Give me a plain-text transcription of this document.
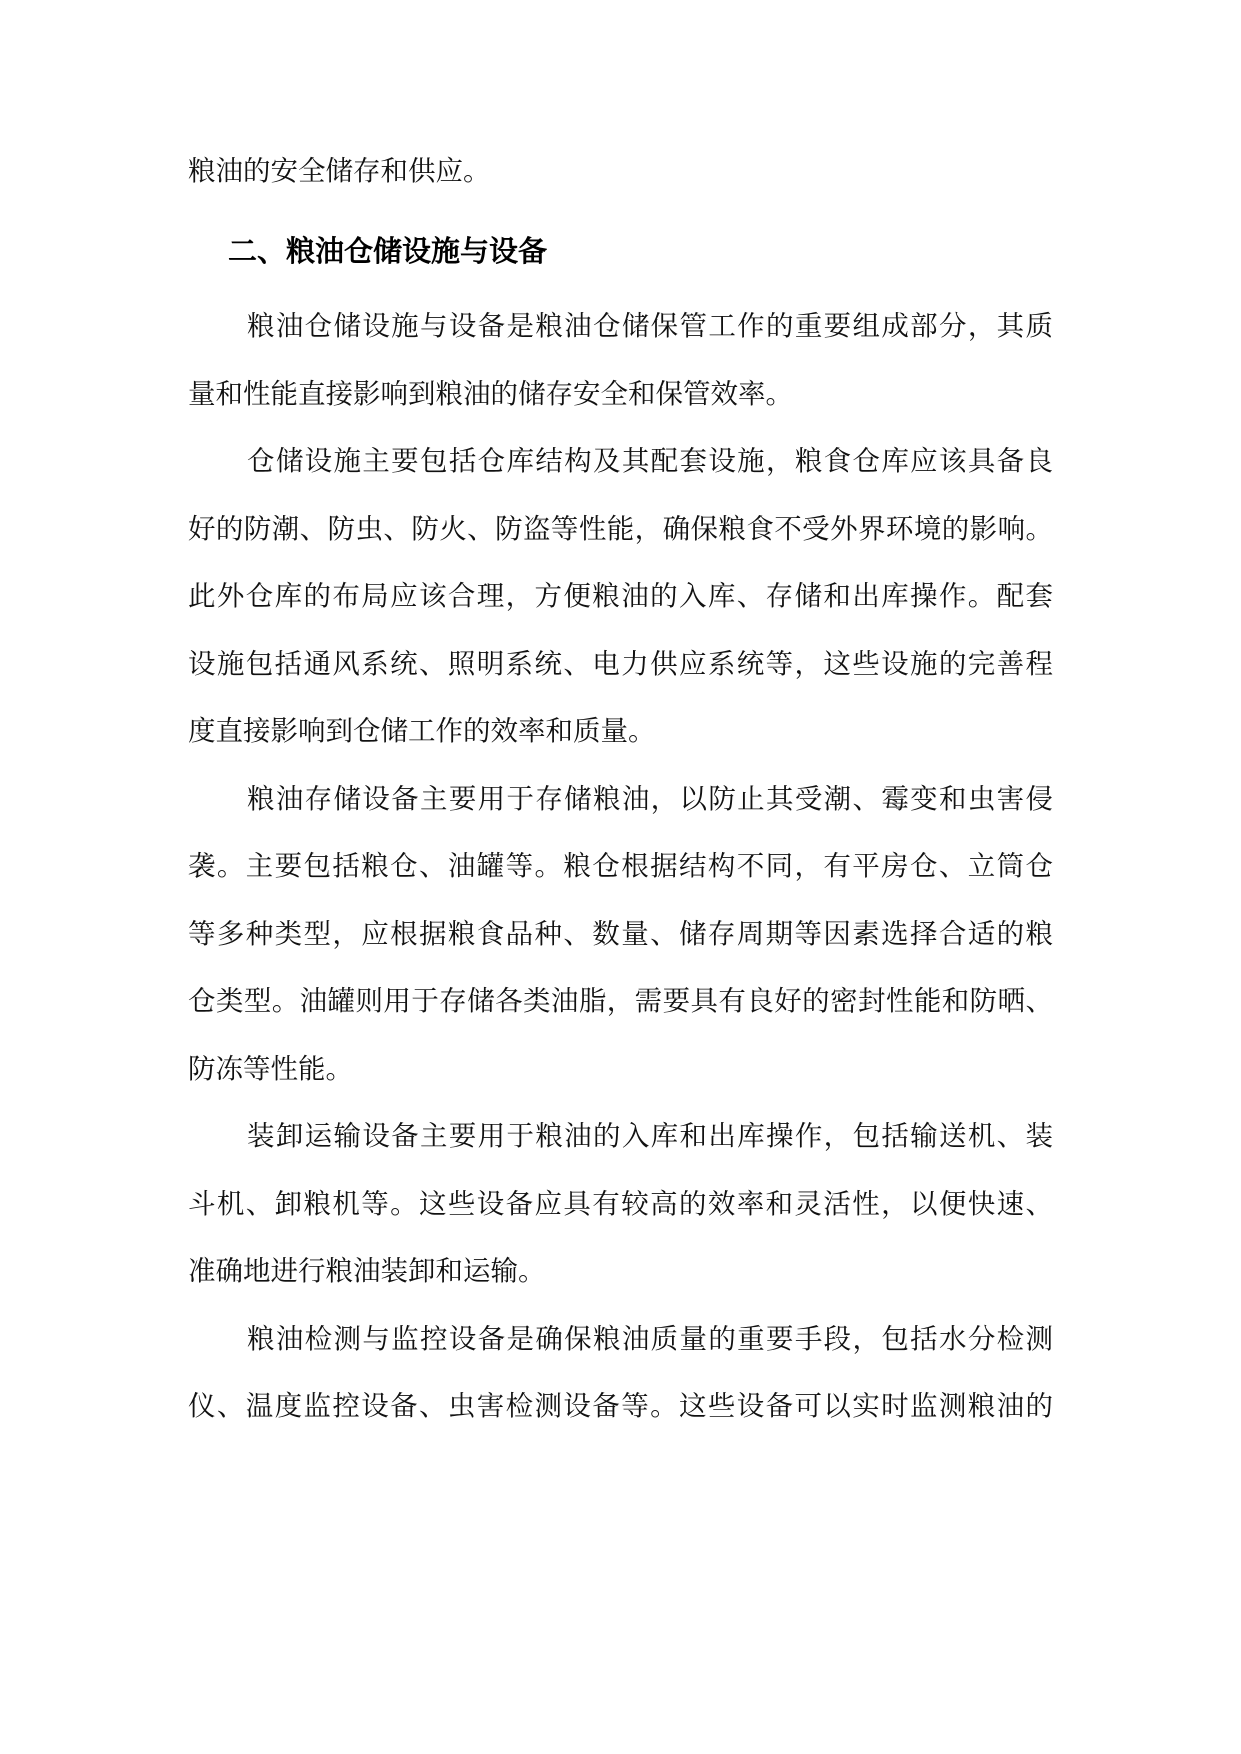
粮油的安全储存和供应。
二、粮油仓储设施与设备
粮油仓储设施与设备是粮油仓储保管工作的重要组成部分，其质
量和性能直接影响到粮油的储存安全和保管效率。
仓储设施主要包括仓库结构及其配套设施，粮食仓库应该具备良
好的防潮、防虫、防火、防盗等性能，确保粮食不受外界环境的影响。
此外仓库的布局应该合理，方便粮油的入库、存储和出库操作。配套
设施包括通风系统、照明系统、电力供应系统等，这些设施的完善程
度直接影响到仓储工作的效率和质量。
粮油存储设备主要用于存储粮油，以防止其受潮、霉变和虫害侵
袭。主要包括粮仓、油罐等。粮仓根据结构不同，有平房仓、立筒仓
等多种类型，应根据粮食品种、数量、储存周期等因素选择合适的粮
仓类型。油罐则用于存储各类油脂，需要具有良好的密封性能和防晒、
防冻等性能。
装卸运输设备主要用于粮油的入库和出库操作，包括输送机、装
斗机、卸粮机等。这些设备应具有较高的效率和灵活性，以便快速、
准确地进行粮油装卸和运输。
粮油检测与监控设备是确保粮油质量的重要手段，包括水分检测
仪、温度监控设备、虫害检测设备等。这些设备可以实时监测粮油的
